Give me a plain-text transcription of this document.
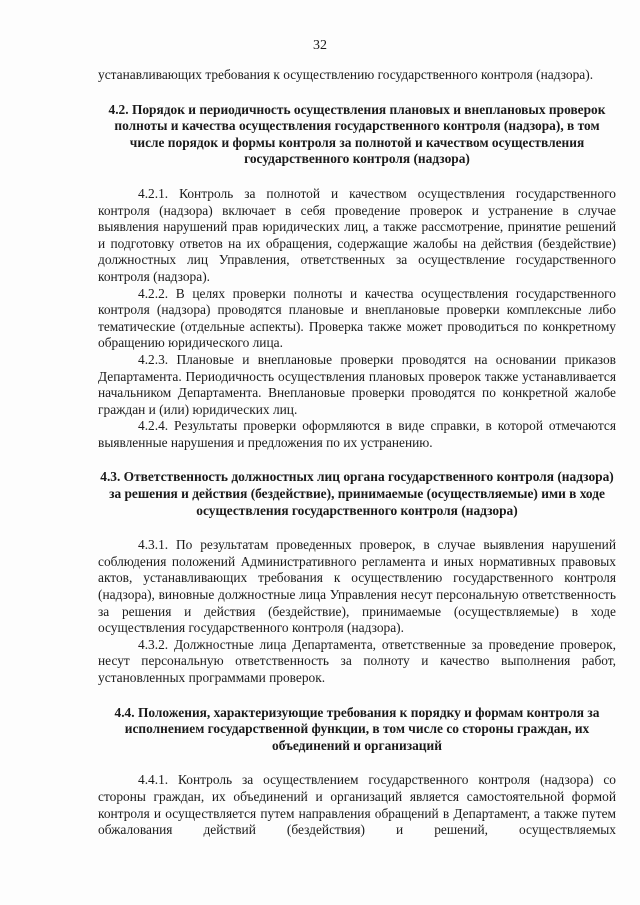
32

устанавливающих требования к осуществлению государственного контроля (надзора).

4.2. Порядок и периодичность осуществления плановых и внеплановых проверок полноты и качества осуществления государственного контроля (надзора), в том числе порядок и формы контроля за полнотой и качеством осуществления государственного контроля (надзора)

4.2.1. Контроль за полнотой и качеством осуществления государственного контроля (надзора) включает в себя проведение проверок и устранение в случае выявления нарушений прав юридических лиц, а также рассмотрение, принятие решений и подготовку ответов на их обращения, содержащие жалобы на действия (бездействие) должностных лиц Управления, ответственных за осуществление государственного контроля (надзора).

4.2.2. В целях проверки полноты и качества осуществления государственного контроля (надзора) проводятся плановые и внеплановые проверки комплексные либо тематические (отдельные аспекты). Проверка также может проводиться по конкретному обращению юридического лица.

4.2.3. Плановые и внеплановые проверки проводятся на основании приказов Департамента. Периодичность осуществления плановых проверок также устанавливается начальником Департамента. Внеплановые проверки проводятся по конкретной жалобе граждан и (или) юридических лиц.

4.2.4. Результаты проверки оформляются в виде справки, в которой отмечаются выявленные нарушения и предложения по их устранению.

4.3. Ответственность должностных лиц органа государственного контроля (надзора) за решения и действия (бездействие), принимаемые (осуществляемые) ими в ходе осуществления государственного контроля (надзора)

4.3.1. По результатам проведенных проверок, в случае выявления нарушений соблюдения положений Административного регламента и иных нормативных правовых актов, устанавливающих требования к осуществлению государственного контроля (надзора), виновные должностные лица Управления несут персональную ответственность за решения и действия (бездействие), принимаемые (осуществляемые) в ходе осуществления государственного контроля (надзора).

4.3.2. Должностные лица Департамента, ответственные за проведение проверок, несут персональную ответственность за полноту и качество выполнения работ, установленных программами проверок.

4.4. Положения, характеризующие требования к порядку и формам контроля за исполнением государственной функции, в том числе со стороны граждан, их объединений и организаций

4.4.1. Контроль за осуществлением государственного контроля (надзора) со стороны граждан, их объединений и организаций является самостоятельной формой контроля и осуществляется путем направления обращений в Департамент, а также путем обжалования действий (бездействия) и решений, осуществляемых
